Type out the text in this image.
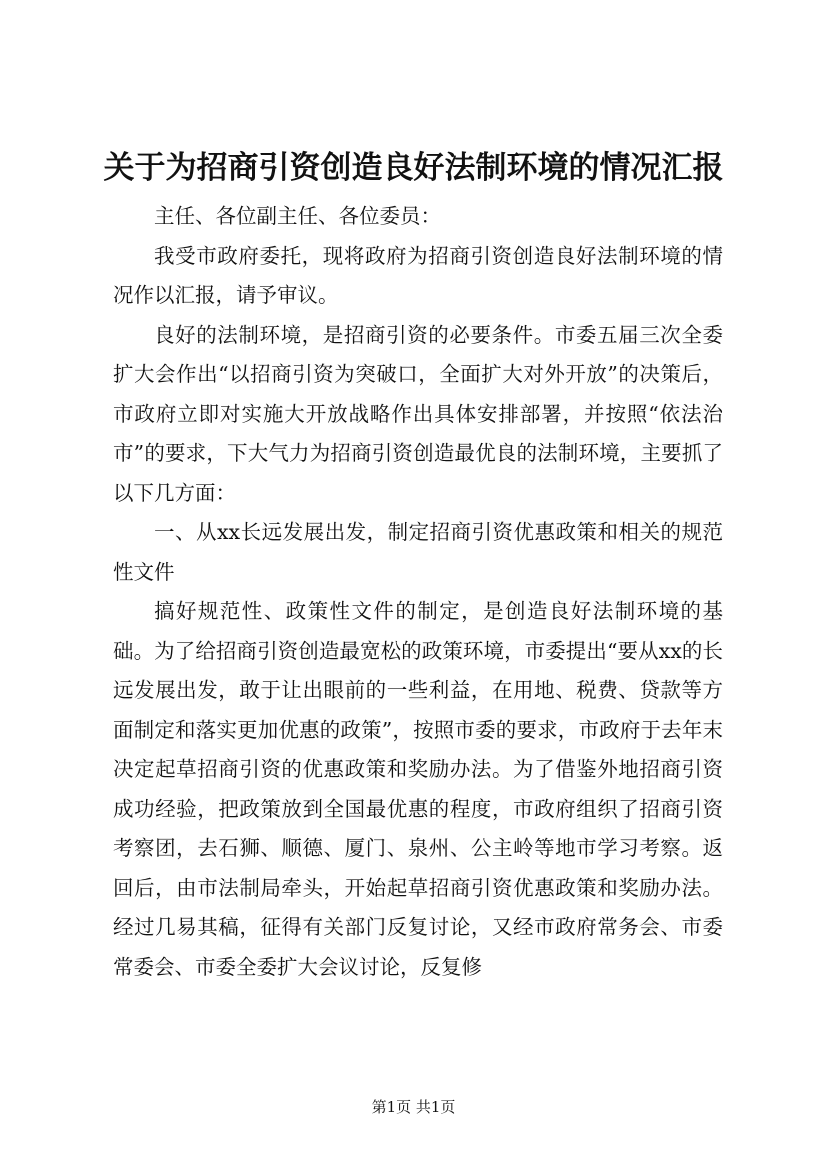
关于为招商引资创造良好法制环境的情况汇报

主任、各位副主任、各位委员：

我受市政府委托，现将政府为招商引资创造良好法制环境的情况作以汇报，请予审议。

良好的法制环境，是招商引资的必要条件。市委五届三次全委扩大会作出“以招商引资为突破口，全面扩大对外开放”的决策后，市政府立即对实施大开放战略作出具体安排部署，并按照“依法治市”的要求，下大气力为招商引资创造最优良的法制环境，主要抓了以下几方面：

一、从xx长远发展出发，制定招商引资优惠政策和相关的规范性文件

搞好规范性、政策性文件的制定，是创造良好法制环境的基础。为了给招商引资创造最宽松的政策环境，市委提出“要从xx的长远发展出发，敢于让出眼前的一些利益，在用地、税费、贷款等方面制定和落实更加优惠的政策”，按照市委的要求，市政府于去年末决定起草招商引资的优惠政策和奖励办法。为了借鉴外地招商引资成功经验，把政策放到全国最优惠的程度，市政府组织了招商引资考察团，去石狮、顺德、厦门、泉州、公主岭等地市学习考察。返回后，由市法制局牵头，开始起草招商引资优惠政策和奖励办法。经过几易其稿，征得有关部门反复讨论，又经市政府常务会、市委常委会、市委全委扩大会议讨论，反复修

第1页 共1页
